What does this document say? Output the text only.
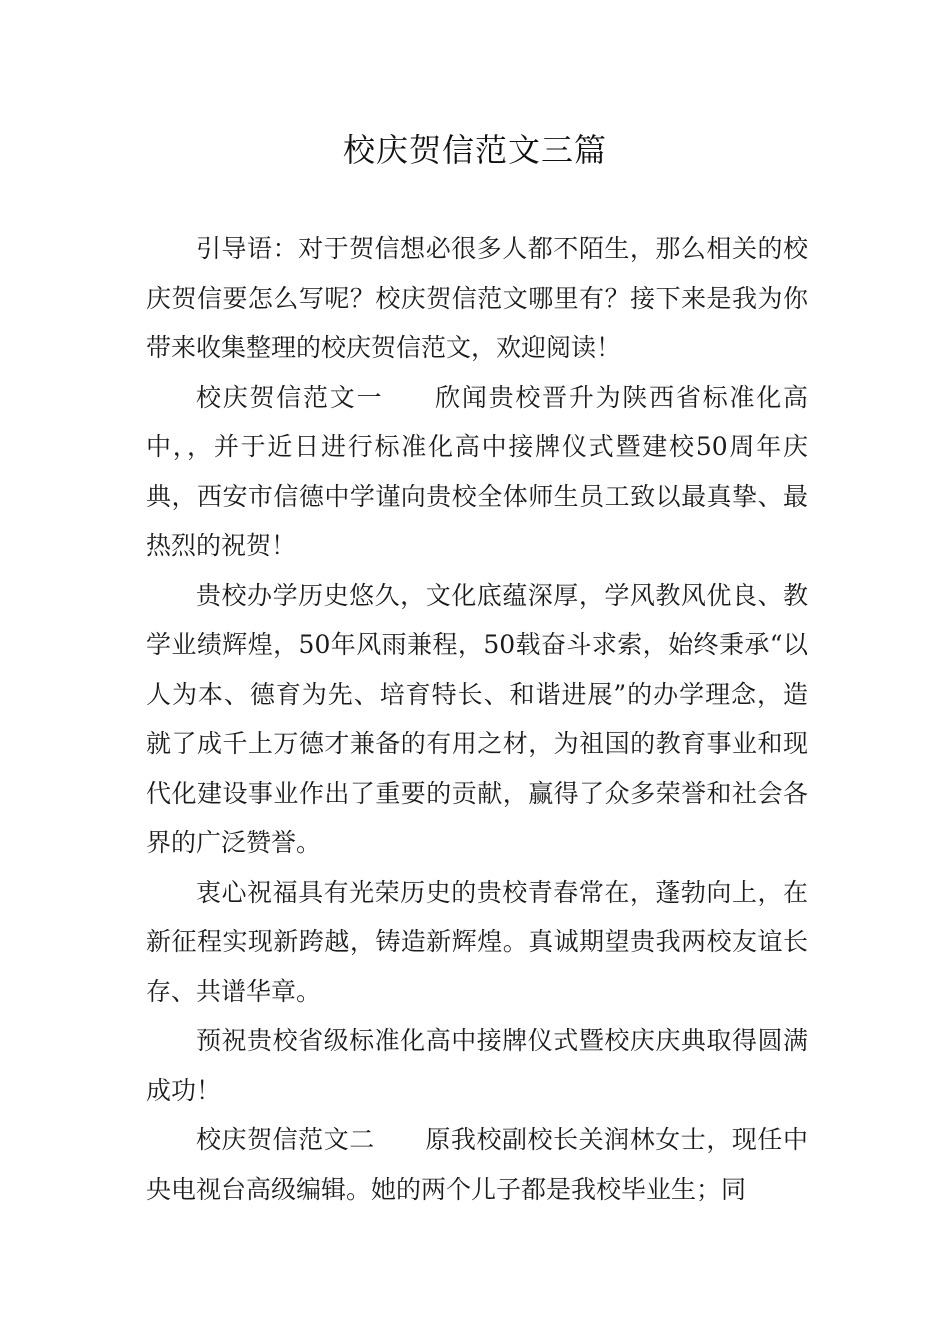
校庆贺信范文三篇

引导语：对于贺信想必很多人都不陌生，那么相关的校庆贺信要怎么写呢？校庆贺信范文哪里有？接下来是我为你带来收集整理的校庆贺信范文，欢迎阅读！

校庆贺信范文一 欣闻贵校晋升为陕西省标准化高中，，并于近日进行标准化高中接牌仪式暨建校50周年庆典，西安市信德中学谨向贵校全体师生员工致以最真挚、最热烈的祝贺！

贵校办学历史悠久，文化底蕴深厚，学风教风优良、教学业绩辉煌，50年风雨兼程，50载奋斗求索，始终秉承“以人为本、德育为先、培育特长、和谐进展”的办学理念，造就了成千上万德才兼备的有用之材，为祖国的教育事业和现代化建设事业作出了重要的贡献，赢得了众多荣誉和社会各界的广泛赞誉。

衷心祝福具有光荣历史的贵校青春常在，蓬勃向上，在新征程实现新跨越，铸造新辉煌。真诚期望贵我两校友谊长存、共谱华章。

预祝贵校省级标准化高中接牌仪式暨校庆庆典取得圆满成功！

校庆贺信范文二 原我校副校长关润林女士，现任中央电视台高级编辑。她的两个儿子都是我校毕业生；同
